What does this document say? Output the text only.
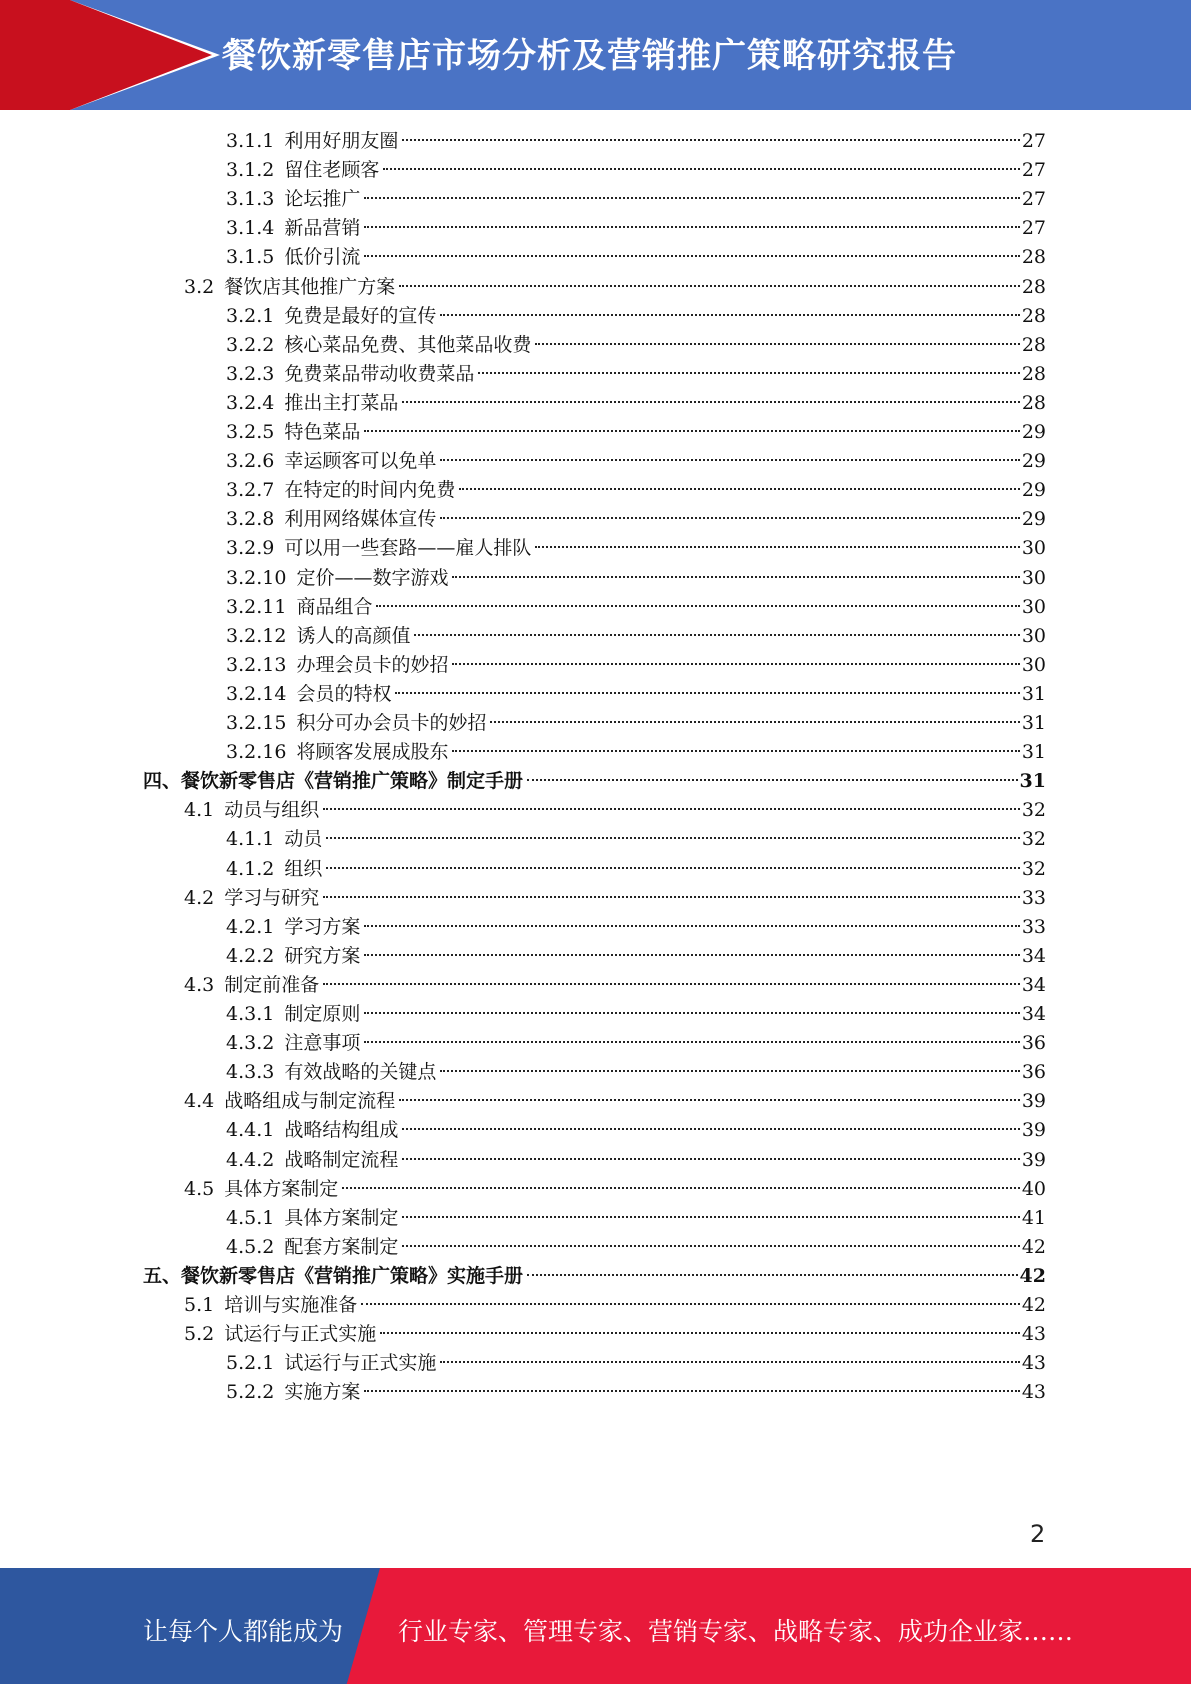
餐饮新零售店市场分析及营销推广策略研究报告
3.1.1 利用好朋友圈	27
3.1.2 留住老顾客	27
3.1.3 论坛推广	27
3.1.4 新品营销	27
3.1.5 低价引流	28
3.2 餐饮店其他推广方案	28
3.2.1 免费是最好的宣传	28
3.2.2 核心菜品免费、其他菜品收费	28
3.2.3 免费菜品带动收费菜品	28
3.2.4 推出主打菜品	28
3.2.5 特色菜品	29
3.2.6 幸运顾客可以免单	29
3.2.7 在特定的时间内免费	29
3.2.8 利用网络媒体宣传	29
3.2.9 可以用一些套路——雇人排队	30
3.2.10 定价——数字游戏	30
3.2.11 商品组合	30
3.2.12 诱人的高颜值	30
3.2.13 办理会员卡的妙招	30
3.2.14 会员的特权	31
3.2.15 积分可办会员卡的妙招	31
3.2.16 将顾客发展成股东	31
四、餐饮新零售店《营销推广策略》制定手册	31
4.1 动员与组织	32
4.1.1 动员	32
4.1.2 组织	32
4.2 学习与研究	33
4.2.1 学习方案	33
4.2.2 研究方案	34
4.3 制定前准备	34
4.3.1 制定原则	34
4.3.2 注意事项	36
4.3.3 有效战略的关键点	36
4.4 战略组成与制定流程	39
4.4.1 战略结构组成	39
4.4.2 战略制定流程	39
4.5 具体方案制定	40
4.5.1 具体方案制定	41
4.5.2 配套方案制定	42
五、餐饮新零售店《营销推广策略》实施手册	42
5.1 培训与实施准备	42
5.2 试运行与正式实施	43
5.2.1 试运行与正式实施	43
5.2.2 实施方案	43
2
让每个人都能成为 行业专家、管理专家、营销专家、战略专家、成功企业家……
